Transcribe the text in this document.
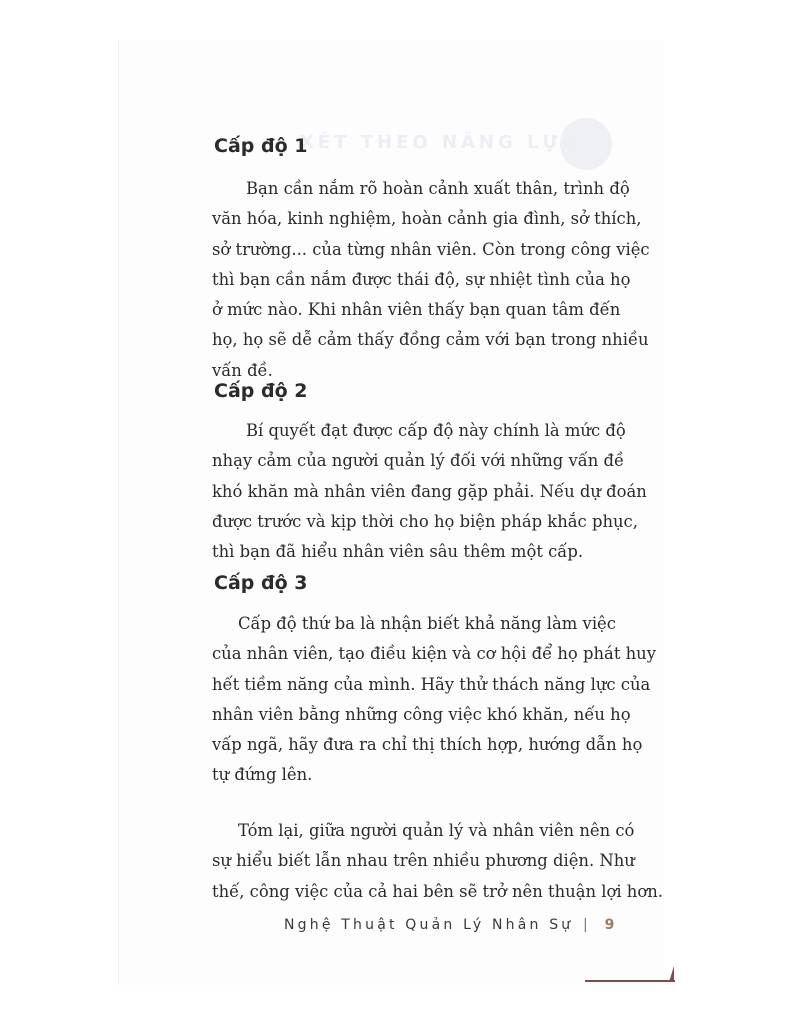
XÉT THEO NĂNG LỰC
Cấp độ 1
Bạn cần nắm rõ hoàn cảnh xuất thân, trình độ
văn hóa, kinh nghiệm, hoàn cảnh gia đình, sở thích,
sở trường... của từng nhân viên. Còn trong công việc
thì bạn cần nắm được thái độ, sự nhiệt tình của họ
ở mức nào. Khi nhân viên thấy bạn quan tâm đến
họ, họ sẽ dễ cảm thấy đồng cảm với bạn trong nhiều
vấn đề.
Cấp độ 2
Bí quyết đạt được cấp độ này chính là mức độ
nhạy cảm của người quản lý đối với những vấn đề
khó khăn mà nhân viên đang gặp phải. Nếu dự đoán
được trước và kịp thời cho họ biện pháp khắc phục,
thì bạn đã hiểu nhân viên sâu thêm một cấp.
Cấp độ 3
Cấp độ thứ ba là nhận biết khả năng làm việc
của nhân viên, tạo điều kiện và cơ hội để họ phát huy
hết tiềm năng của mình. Hãy thử thách năng lực của
nhân viên bằng những công việc khó khăn, nếu họ
vấp ngã, hãy đưa ra chỉ thị thích hợp, hướng dẫn họ
tự đứng lên.
Tóm lại, giữa người quản lý và nhân viên nên có
sự hiểu biết lẫn nhau trên nhiều phương diện. Như
thế, công việc của cả hai bên sẽ trở nên thuận lợi hơn.
Nghệ Thuật Quản Lý Nhân Sự | 9
